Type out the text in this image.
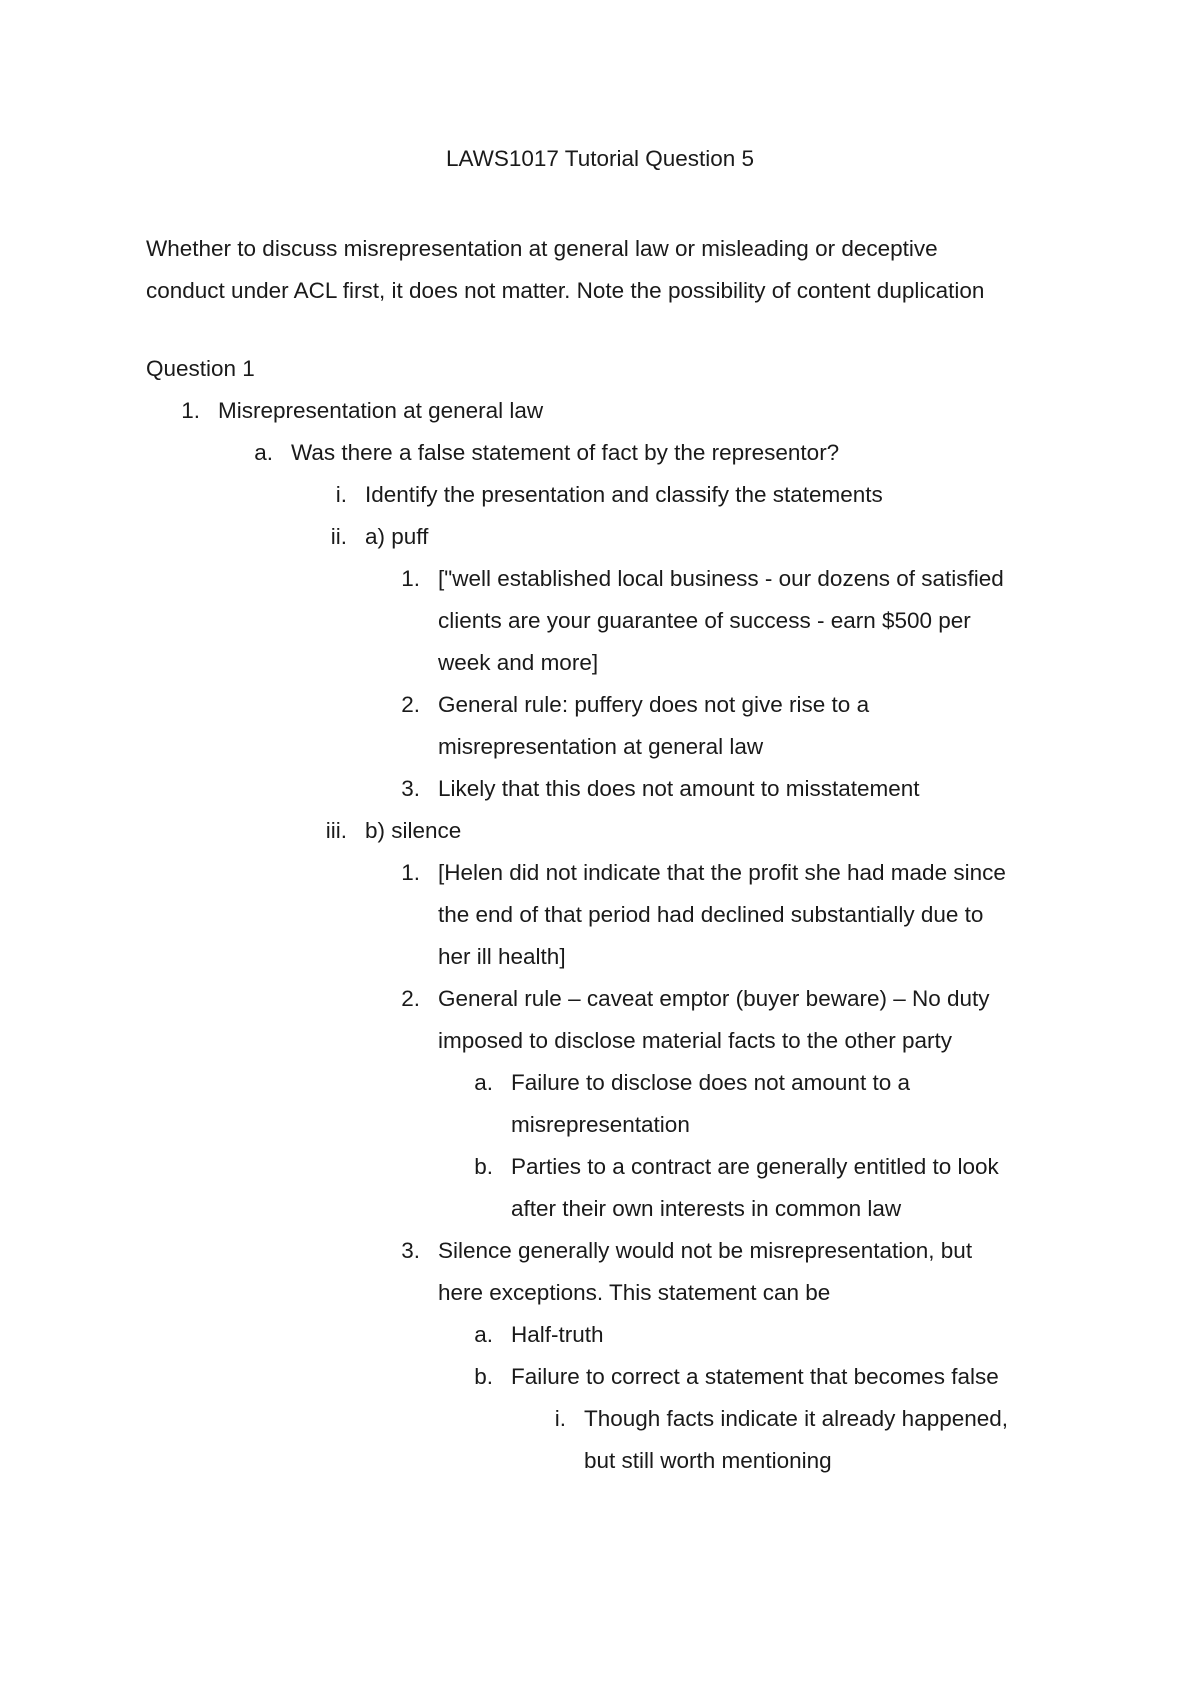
LAWS1017 Tutorial Question 5
Whether to discuss misrepresentation at general law or misleading or deceptive
conduct under ACL first, it does not matter. Note the possibility of content duplication
Question 1
1. Misrepresentation at general law
a. Was there a false statement of fact by the representor?
i. Identify the presentation and classify the statements
ii. a) puff
1. ["well established local business - our dozens of satisfied
clients are your guarantee of success - earn $500 per
week and more]
2. General rule: puffery does not give rise to a
misrepresentation at general law
3. Likely that this does not amount to misstatement
iii. b) silence
1. [Helen did not indicate that the profit she had made since
the end of that period had declined substantially due to
her ill health]
2. General rule – caveat emptor (buyer beware) – No duty
imposed to disclose material facts to the other party
a. Failure to disclose does not amount to a
misrepresentation
b. Parties to a contract are generally entitled to look
after their own interests in common law
3. Silence generally would not be misrepresentation, but
here exceptions. This statement can be
a. Half-truth
b. Failure to correct a statement that becomes false
i. Though facts indicate it already happened,
but still worth mentioning
